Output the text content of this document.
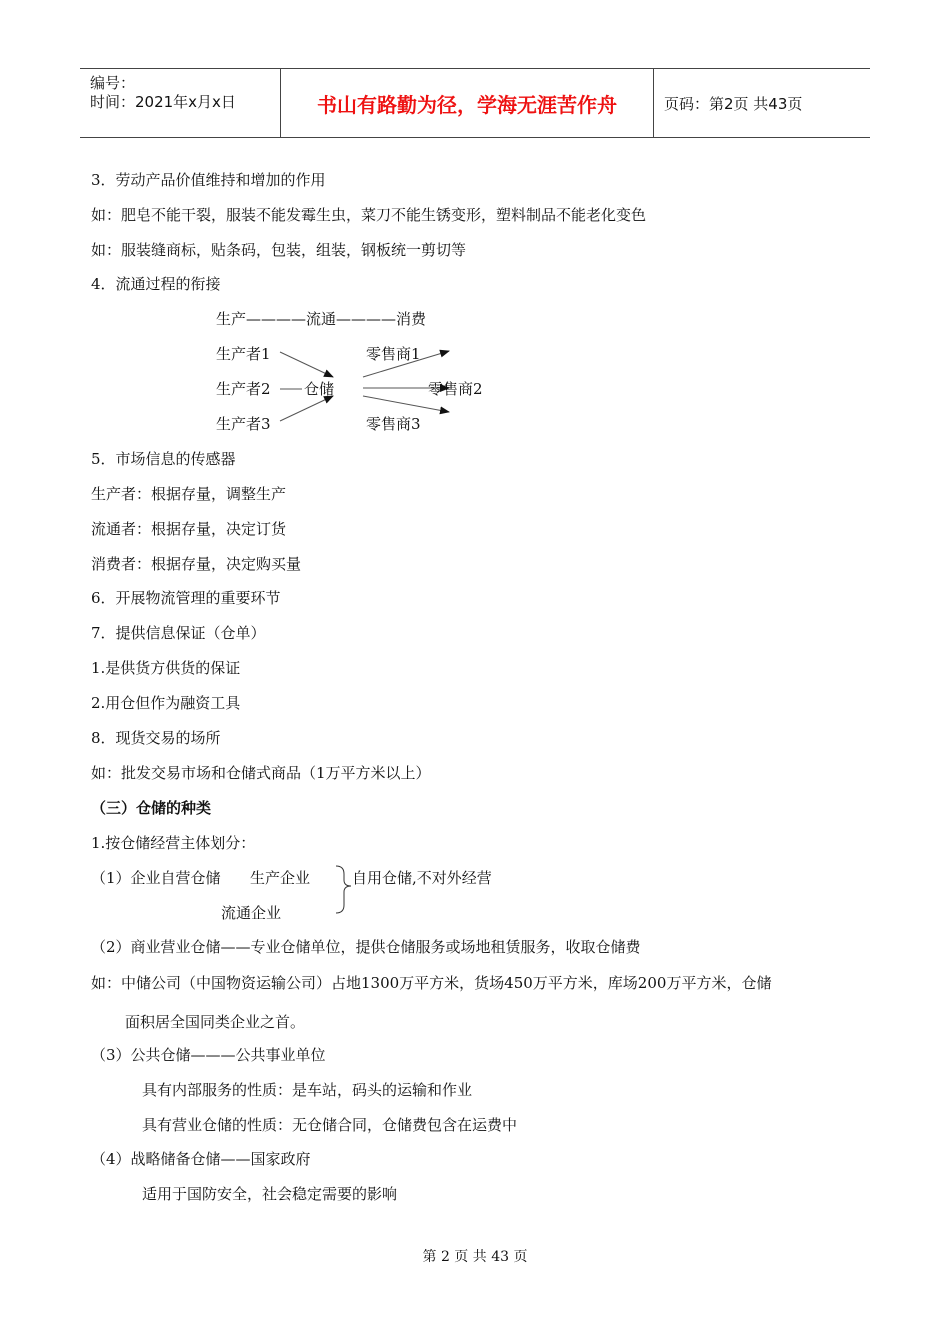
编号：
时间：2021年x月x日	书山有路勤为径，学海无涯苦作舟	页码：第2页 共43页
3．劳动产品价值维持和增加的作用
如：肥皂不能干裂，服装不能发霉生虫，菜刀不能生锈变形，塑料制品不能老化变色
如：服装缝商标，贴条码，包装，组装，钢板统一剪切等
4．流通过程的衔接
生产————流通————消费
生产者1	零售商1
生产者2 仓储	零售商2
生产者3	零售商3
5．市场信息的传感器
生产者：根据存量，调整生产
流通者：根据存量，决定订货
消费者：根据存量，决定购买量
6．开展物流管理的重要环节
7．提供信息保证（仓单）
1.是供货方供货的保证
2.用仓但作为融资工具
8．现货交易的场所
如：批发交易市场和仓储式商品（1万平方米以上）
（三）仓储的种类
1.按仓储经营主体划分：
（1）企业自营仓储 生产企业	自用仓储,不对外经营
流通企业
（2）商业营业仓储——专业仓储单位，提供仓储服务或场地租赁服务，收取仓储费
如：中储公司（中国物资运输公司）占地1300万平方米，货场450万平方米，库场200万平方米，仓储
面积居全国同类企业之首。
（3）公共仓储———公共事业单位
具有内部服务的性质：是车站，码头的运输和作业
具有营业仓储的性质：无仓储合同，仓储费包含在运费中
（4）战略储备仓储——国家政府
适用于国防安全，社会稳定需要的影响
第 2 页 共 43 页
